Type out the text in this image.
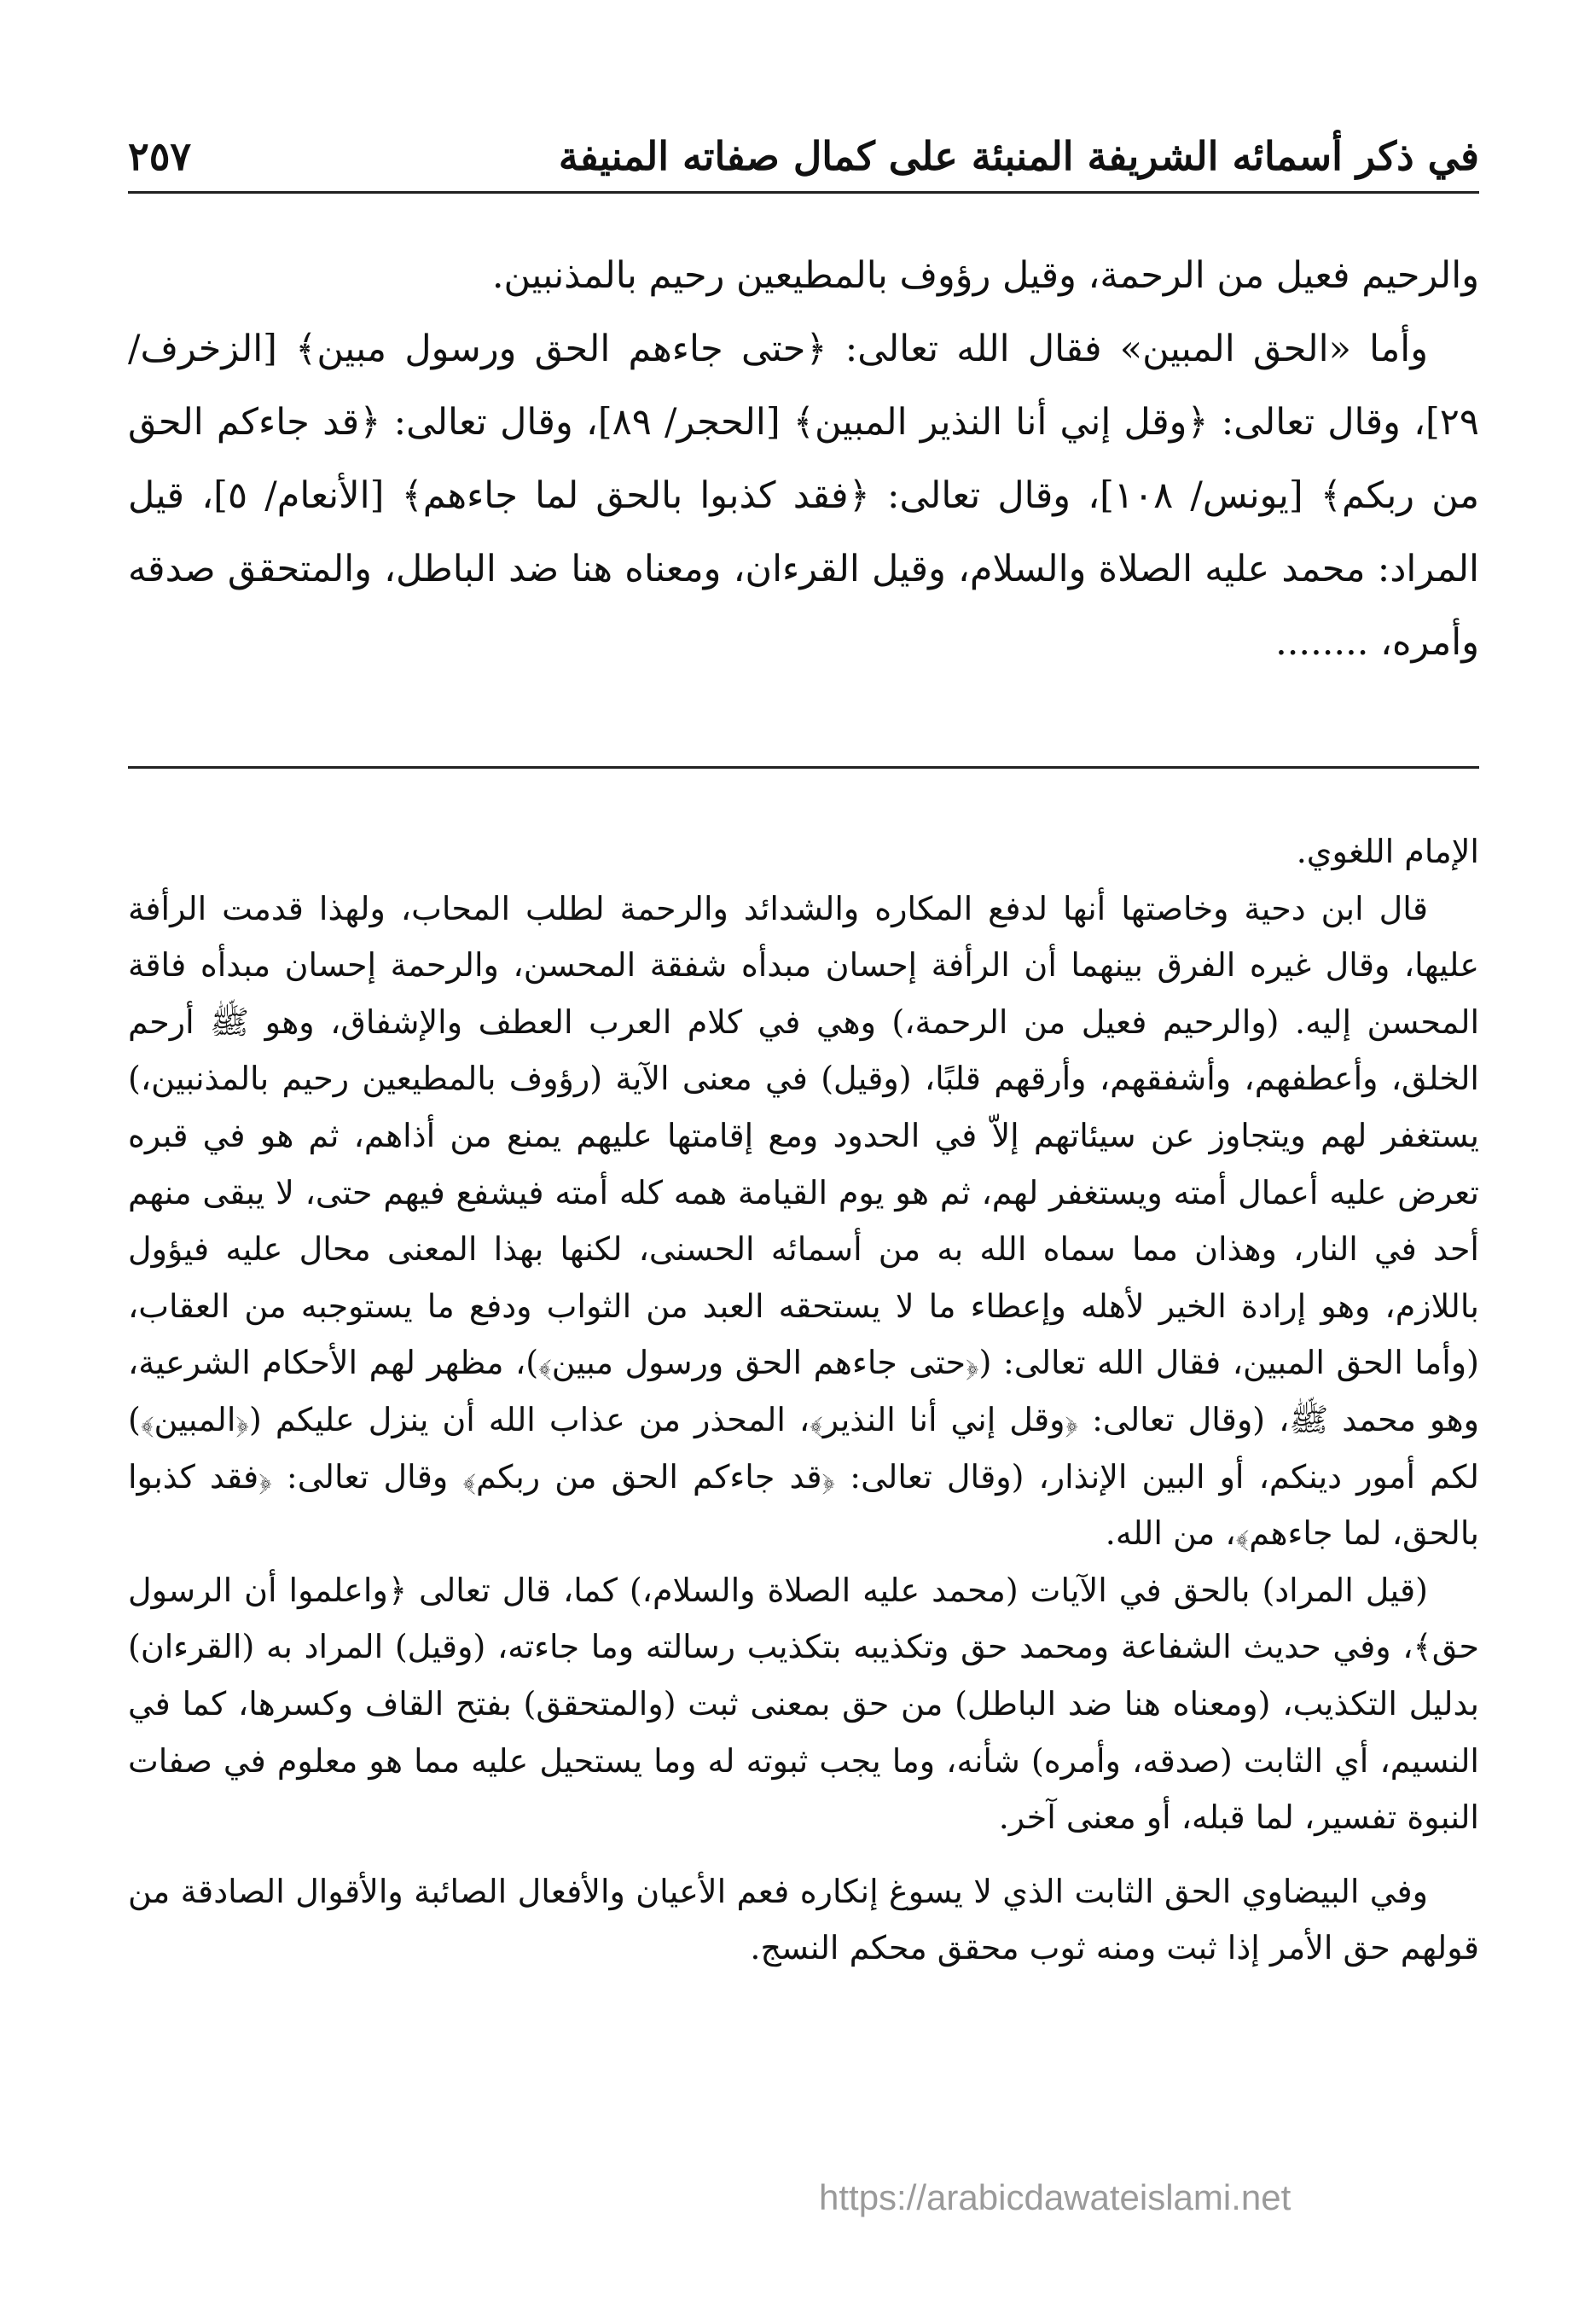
في ذكر أسمائه الشريفة المنبئة على كمال صفاته المنيفة
٢٥٧

والرحيم فعيل من الرحمة، وقيل رؤوف بالمطيعين رحيم بالمذنبين.

وأما «الحق المبين» فقال الله تعالى: ﴿حتى جاءهم الحق ورسول مبين﴾ [الزخرف/ ٢٩]، وقال تعالى: ﴿وقل إني أنا النذير المبين﴾ [الحجر/ ٨٩]، وقال تعالى: ﴿قد جاءكم الحق من ربكم﴾ [يونس/ ١٠٨]، وقال تعالى: ﴿فقد كذبوا بالحق لما جاءهم﴾ [الأنعام/ ٥]، قيل المراد: محمد عليه الصلاة والسلام، وقيل القرءان، ومعناه هنا ضد الباطل، والمتحقق صدقه وأمره، ........

الإمام اللغوي.

قال ابن دحية وخاصتها أنها لدفع المكاره والشدائد والرحمة لطلب المحاب، ولهذا قدمت الرأفة عليها، وقال غيره الفرق بينهما أن الرأفة إحسان مبدأه شفقة المحسن، والرحمة إحسان مبدأه فاقة المحسن إليه. (والرحيم فعيل من الرحمة،) وهي في كلام العرب العطف والإشفاق، وهو ﷺ أرحم الخلق، وأعطفهم، وأشفقهم، وأرقهم قلبًا، (وقيل) في معنى الآية (رؤوف بالمطيعين رحيم بالمذنبين،) يستغفر لهم ويتجاوز عن سيئاتهم إلاّ في الحدود ومع إقامتها عليهم يمنع من أذاهم، ثم هو في قبره تعرض عليه أعمال أمته ويستغفر لهم، ثم هو يوم القيامة همه كله أمته فيشفع فيهم حتى، لا يبقى منهم أحد في النار، وهذان مما سماه الله به من أسمائه الحسنى، لكنها بهذا المعنى محال عليه فيؤول باللازم، وهو إرادة الخير لأهله وإعطاء ما لا يستحقه العبد من الثواب ودفع ما يستوجبه من العقاب، (وأما الحق المبين، فقال الله تعالى: (﴿حتى جاءهم الحق ورسول مبين﴾)، مظهر لهم الأحكام الشرعية، وهو محمد ﷺ، (وقال تعالى: ﴿وقل إني أنا النذير﴾، المحذر من عذاب الله أن ينزل عليكم (﴿المبين﴾) لكم أمور دينكم، أو البين الإنذار، (وقال تعالى: ﴿قد جاءكم الحق من ربكم﴾ وقال تعالى: ﴿فقد كذبوا بالحق، لما جاءهم﴾، من الله.

(قيل المراد) بالحق في الآيات (محمد عليه الصلاة والسلام،) كما، قال تعالى ﴿واعلموا أن الرسول حق﴾، وفي حديث الشفاعة ومحمد حق وتكذيبه بتكذيب رسالته وما جاءته، (وقيل) المراد به (القرءان) بدليل التكذيب، (ومعناه هنا ضد الباطل) من حق بمعنى ثبت (والمتحقق) بفتح القاف وكسرها، كما في النسيم، أي الثابت (صدقه، وأمره) شأنه، وما يجب ثبوته له وما يستحيل عليه مما هو معلوم في صفات النبوة تفسير، لما قبله، أو معنى آخر.

وفي البيضاوي الحق الثابت الذي لا يسوغ إنكاره فعم الأعيان والأفعال الصائبة والأقوال الصادقة من قولهم حق الأمر إذا ثبت ومنه ثوب محقق محكم النسج.

https://arabicdawateislami.net
